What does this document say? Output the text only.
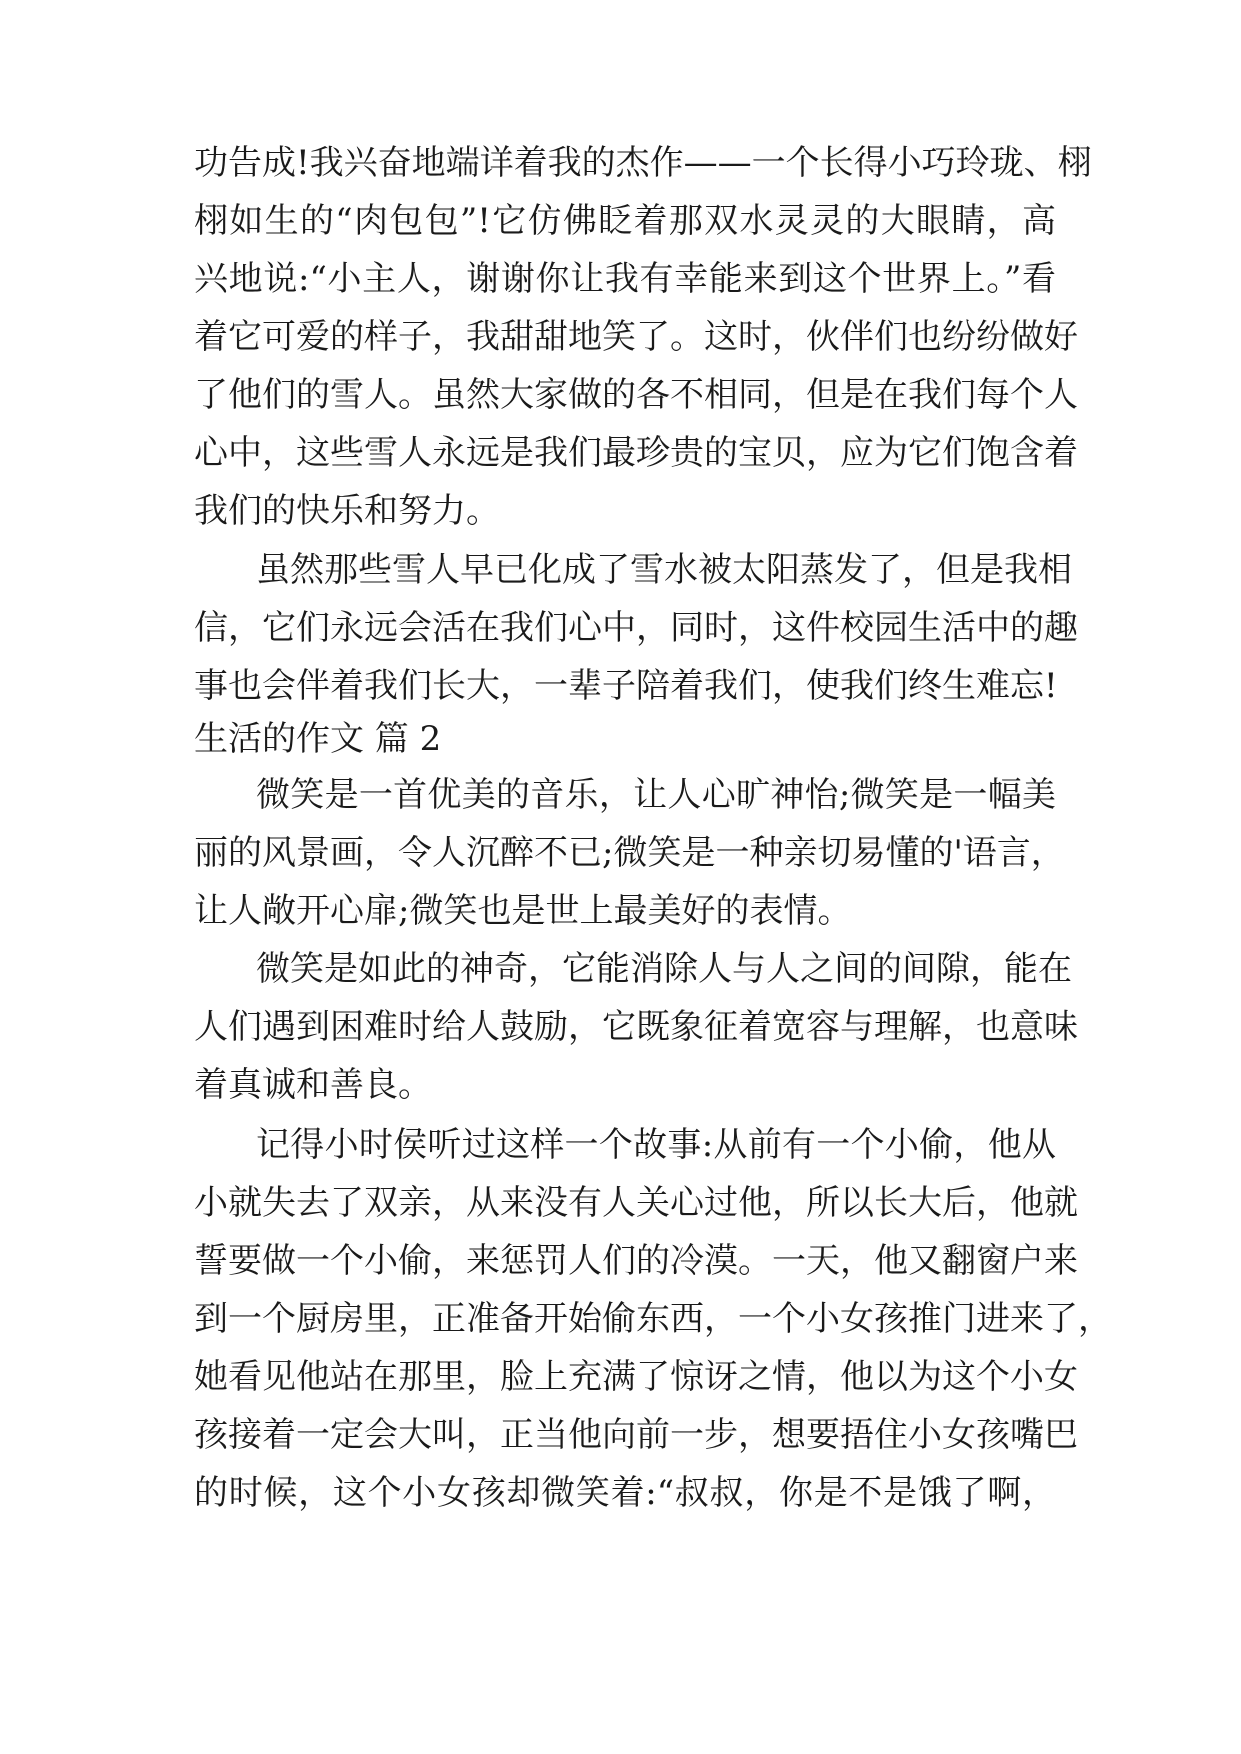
功告成!我兴奋地端详着我的杰作——一个长得小巧玲珑、栩
栩如生的“肉包包”!它仿佛眨着那双水灵灵的大眼睛，高
兴地说:“小主人，谢谢你让我有幸能来到这个世界上。”看
着它可爱的样子，我甜甜地笑了。这时，伙伴们也纷纷做好
了他们的雪人。虽然大家做的各不相同，但是在我们每个人
心中，这些雪人永远是我们最珍贵的宝贝，应为它们饱含着
我们的快乐和努力。
虽然那些雪人早已化成了雪水被太阳蒸发了，但是我相
信，它们永远会活在我们心中，同时，这件校园生活中的趣
事也会伴着我们长大，一辈子陪着我们，使我们终生难忘!
生活的作文 篇 2
微笑是一首优美的音乐，让人心旷神怡;微笑是一幅美
丽的风景画，令人沉醉不已;微笑是一种亲切易懂的'语言，
让人敞开心扉;微笑也是世上最美好的表情。
微笑是如此的神奇，它能消除人与人之间的间隙，能在
人们遇到困难时给人鼓励，它既象征着宽容与理解，也意味
着真诚和善良。
记得小时侯听过这样一个故事:从前有一个小偷，他从
小就失去了双亲，从来没有人关心过他，所以长大后，他就
誓要做一个小偷，来惩罚人们的冷漠。一天，他又翻窗户来
到一个厨房里，正准备开始偷东西，一个小女孩推门进来了，
她看见他站在那里，脸上充满了惊讶之情，他以为这个小女
孩接着一定会大叫，正当他向前一步，想要捂住小女孩嘴巴
的时候，这个小女孩却微笑着:“叔叔，你是不是饿了啊，
